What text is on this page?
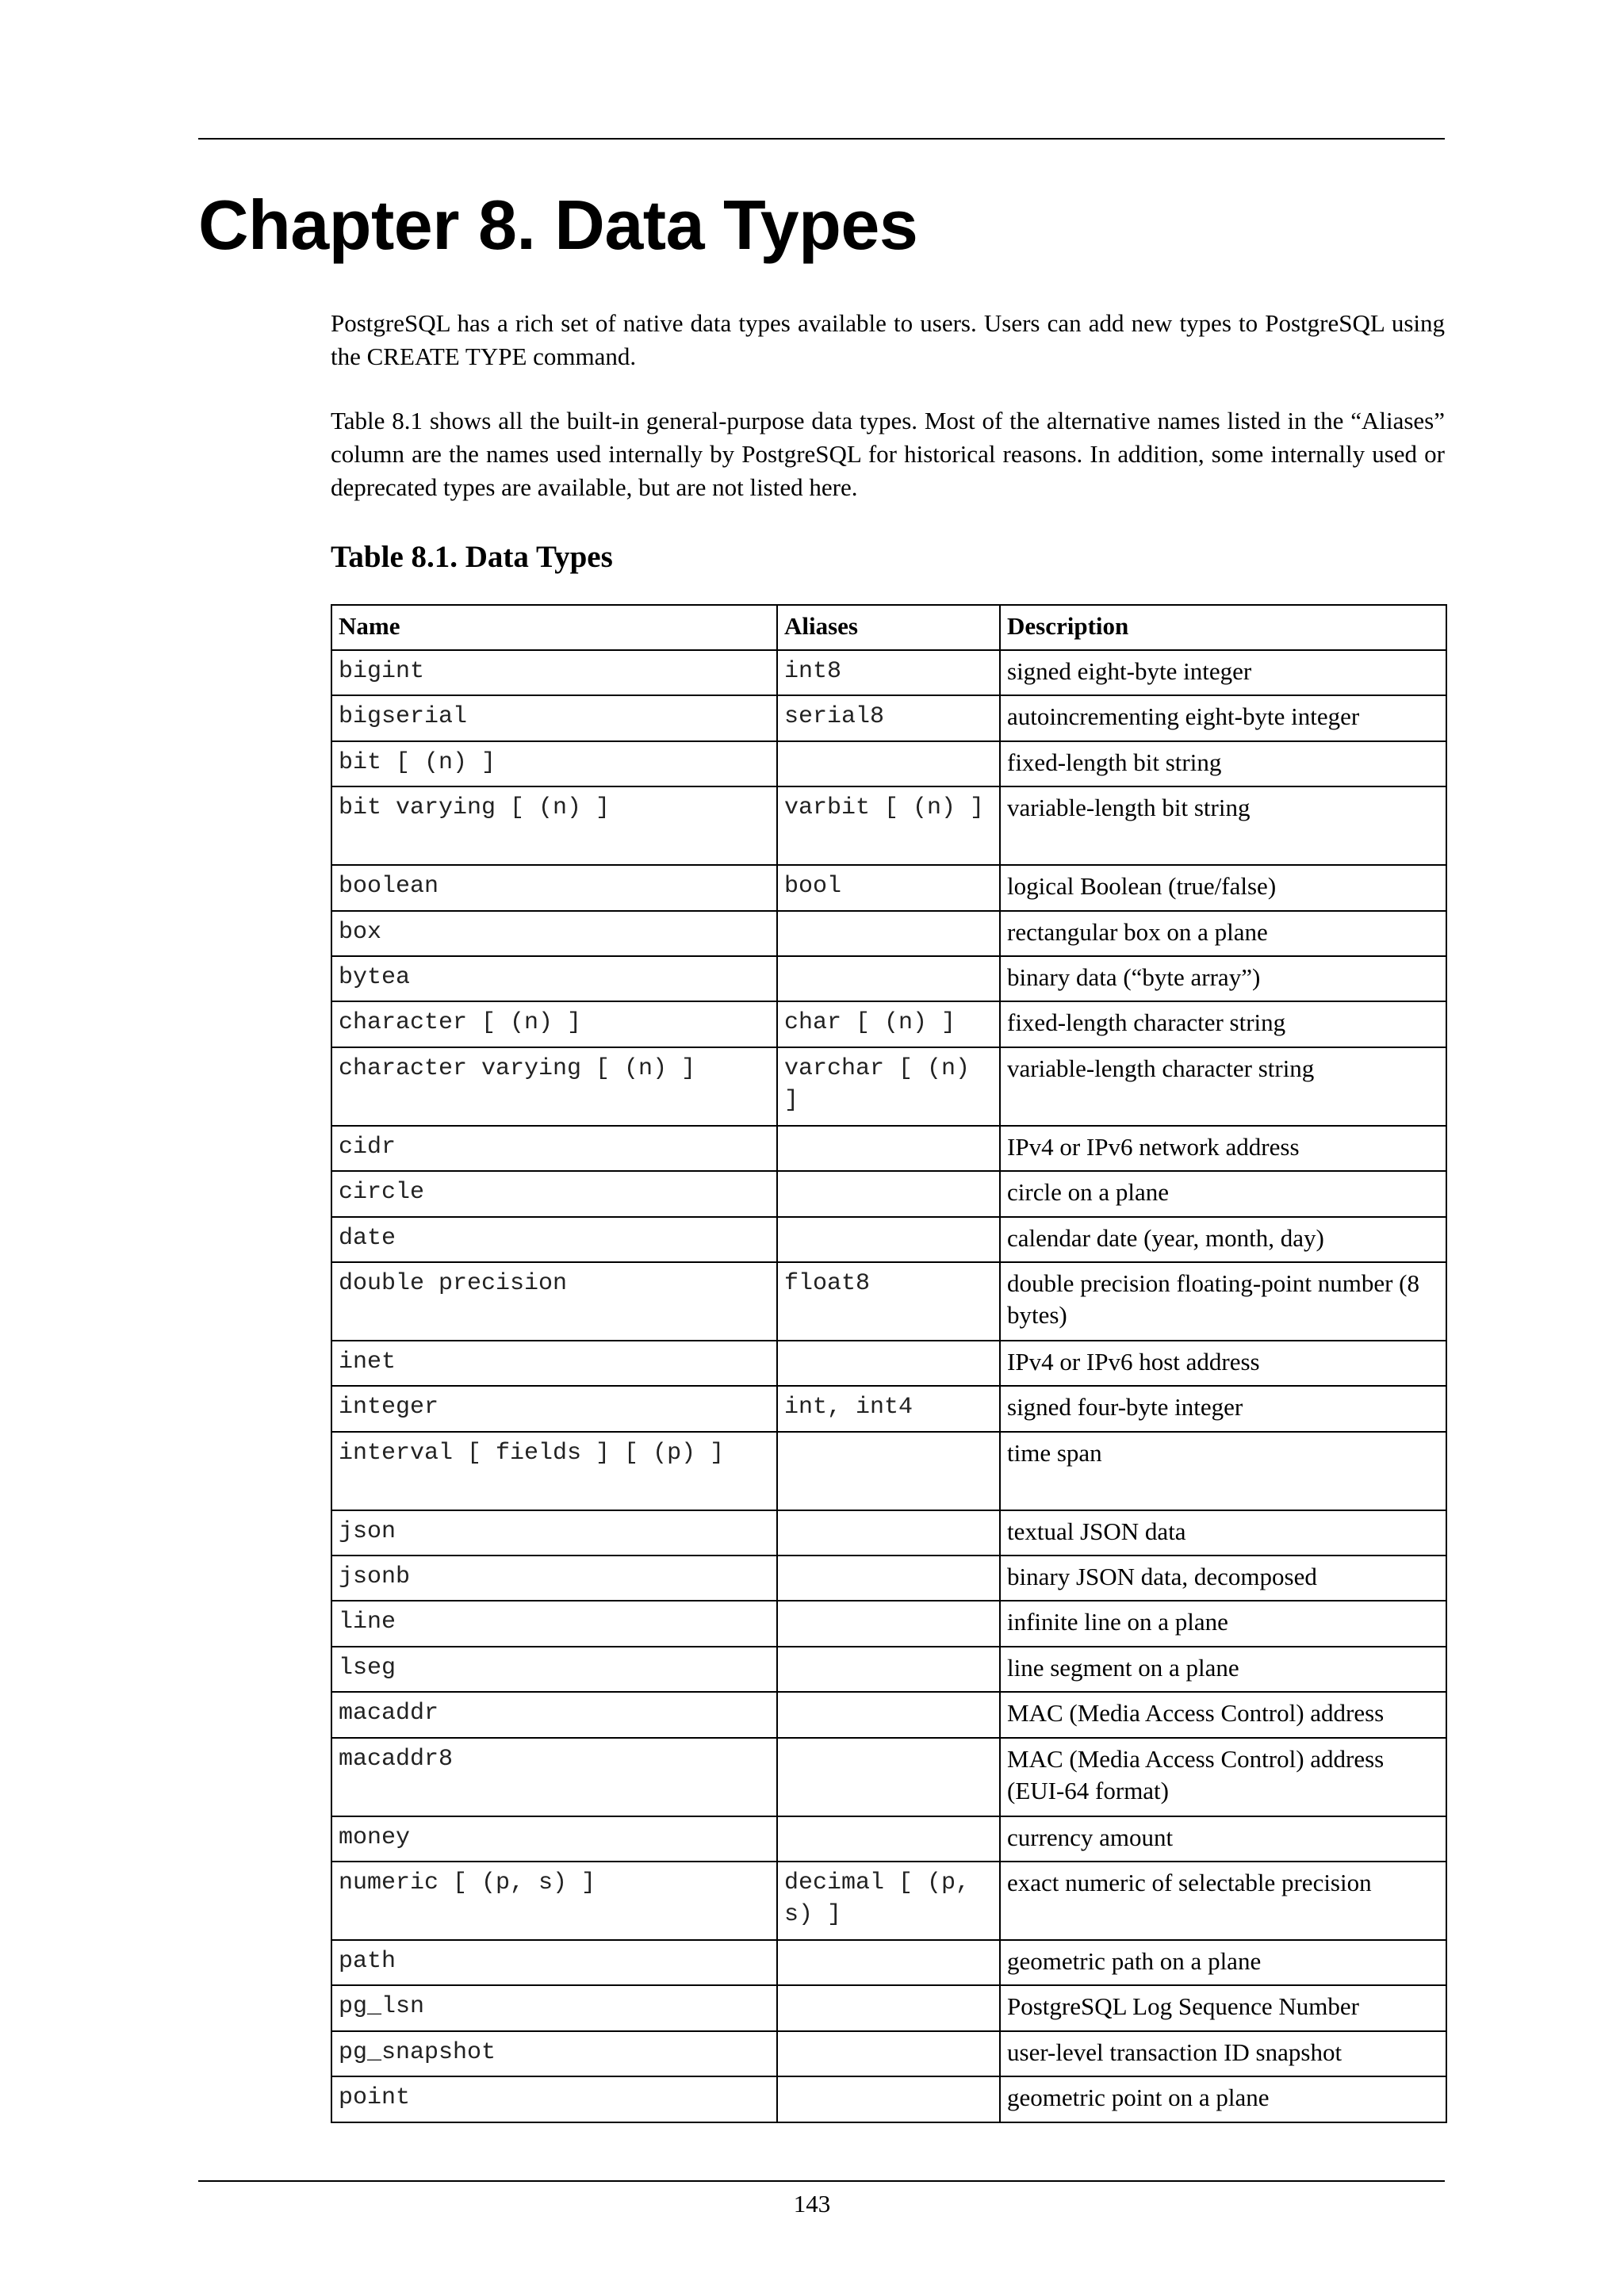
Chapter 8. Data Types

PostgreSQL has a rich set of native data types available to users. Users can add new types to PostgreSQL using the CREATE TYPE command.

Table 8.1 shows all the built-in general-purpose data types. Most of the alternative names listed in the “Aliases” column are the names used internally by PostgreSQL for historical reasons. In addition, some internally used or deprecated types are available, but are not listed here.

Table 8.1. Data Types

Name	Aliases	Description
bigint	int8	signed eight-byte integer
bigserial	serial8	autoincrementing eight-byte integer
bit [ (n) ]		fixed-length bit string
bit varying [ (n) ]	varbit [ (n) ]	variable-length bit string
boolean	bool	logical Boolean (true/false)
box		rectangular box on a plane
bytea		binary data (“byte array”)
character [ (n) ]	char [ (n) ]	fixed-length character string
character varying [ (n) ]	varchar [ (n) ]	variable-length character string
cidr		IPv4 or IPv6 network address
circle		circle on a plane
date		calendar date (year, month, day)
double precision	float8	double precision floating-point number (8 bytes)
inet		IPv4 or IPv6 host address
integer	int, int4	signed four-byte integer
interval [ fields ] [ (p) ]		time span
json		textual JSON data
jsonb		binary JSON data, decomposed
line		infinite line on a plane
lseg		line segment on a plane
macaddr		MAC (Media Access Control) address
macaddr8		MAC (Media Access Control) address (EUI-64 format)
money		currency amount
numeric [ (p, s) ]	decimal [ (p, s) ]	exact numeric of selectable precision
path		geometric path on a plane
pg_lsn		PostgreSQL Log Sequence Number
pg_snapshot		user-level transaction ID snapshot
point		geometric point on a plane
143
